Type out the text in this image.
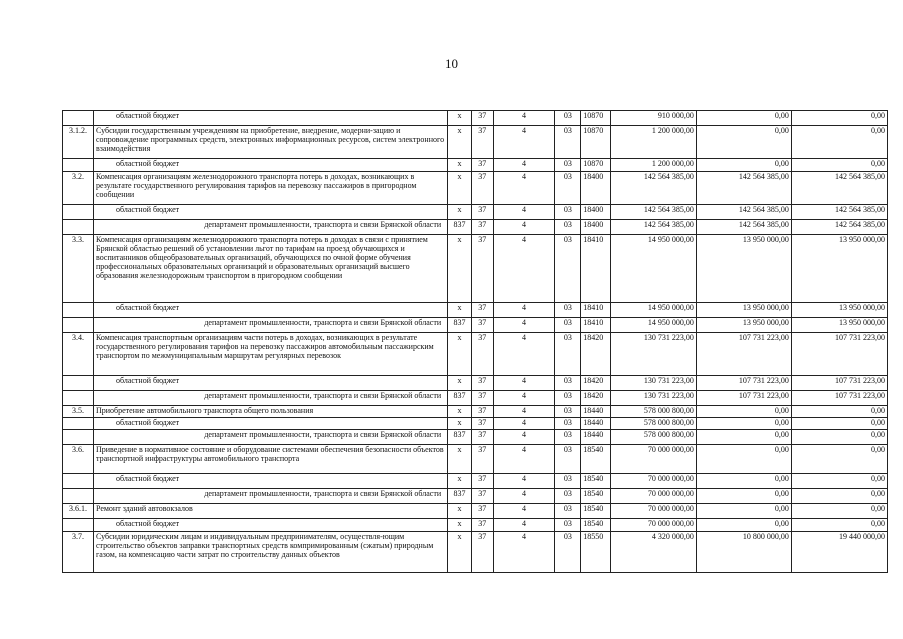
10
	областной бюджет	x	37	4	03	10870	910 000,00	0,00	0,00
3.1.2.	Субсидии государственным учреждениям на приобретение, внедрение, модерни-зацию и сопровождение программных средств, электронных информационных ресурсов, систем электронного взаимодействия	x	37	4	03	10870	1 200 000,00	0,00	0,00
	областной бюджет	x	37	4	03	10870	1 200 000,00	0,00	0,00
3.2.	Компенсация организациям железнодорожного транспорта потерь в доходах, возникающих в результате государственного регулирования тарифов на перевозку пассажиров в пригородном сообщении	x	37	4	03	18400	142 564 385,00	142 564 385,00	142 564 385,00
	областной бюджет	x	37	4	03	18400	142 564 385,00	142 564 385,00	142 564 385,00
	департамент промышленности, транспорта и связи Брянской области	837	37	4	03	18400	142 564 385,00	142 564 385,00	142 564 385,00
3.3.	Компенсация организациям железнодорожного транспорта потерь в доходах в связи с принятием Брянской областью решений об установлении льгот по тарифам на проезд обучающихся и воспитанников общеобразовательных организаций, обучающихся по очной форме обучения профессиональных образовательных организаций и образовательных организаций высшего образования железнодорожным транспортом в пригородном сообщении	x	37	4	03	18410	14 950 000,00	13 950 000,00	13 950 000,00
	областной бюджет	x	37	4	03	18410	14 950 000,00	13 950 000,00	13 950 000,00
	департамент промышленности, транспорта и связи Брянской области	837	37	4	03	18410	14 950 000,00	13 950 000,00	13 950 000,00
3.4.	Компенсация транспортным организациям части потерь в доходах, возникающих в результате государственного регулирования тарифов на перевозку пассажиров автомобильным пассажирским транспортом по межмуниципальным маршрутам регулярных перевозок	x	37	4	03	18420	130 731 223,00	107 731 223,00	107 731 223,00
	областной бюджет	x	37	4	03	18420	130 731 223,00	107 731 223,00	107 731 223,00
	департамент промышленности, транспорта и связи Брянской области	837	37	4	03	18420	130 731 223,00	107 731 223,00	107 731 223,00
3.5.	Приобретение автомобильного транспорта общего пользования	x	37	4	03	18440	578 000 800,00	0,00	0,00
	областной бюджет	x	37	4	03	18440	578 000 800,00	0,00	0,00
	департамент промышленности, транспорта и связи Брянской области	837	37	4	03	18440	578 000 800,00	0,00	0,00
3.6.	Приведение в нормативное состояние и оборудование системами обеспечения безопасности объектов транспортной инфраструктуры автомобильного транспорта	x	37	4	03	18540	70 000 000,00	0,00	0,00
	областной бюджет	x	37	4	03	18540	70 000 000,00	0,00	0,00
	департамент промышленности, транспорта и связи Брянской области	837	37	4	03	18540	70 000 000,00	0,00	0,00
3.6.1.	Ремонт зданий автовокзалов	x	37	4	03	18540	70 000 000,00	0,00	0,00
	областной бюджет	x	37	4	03	18540	70 000 000,00	0,00	0,00
3.7.	Субсидии юридическим лицам и индивидуальным предпринимателям, осуществля-ющим строительство объектов заправки транспортных средств компримированным (сжатым) природным газом, на компенсацию части затрат по строительству данных объектов	x	37	4	03	18550	4 320 000,00	10 800 000,00	19 440 000,00
